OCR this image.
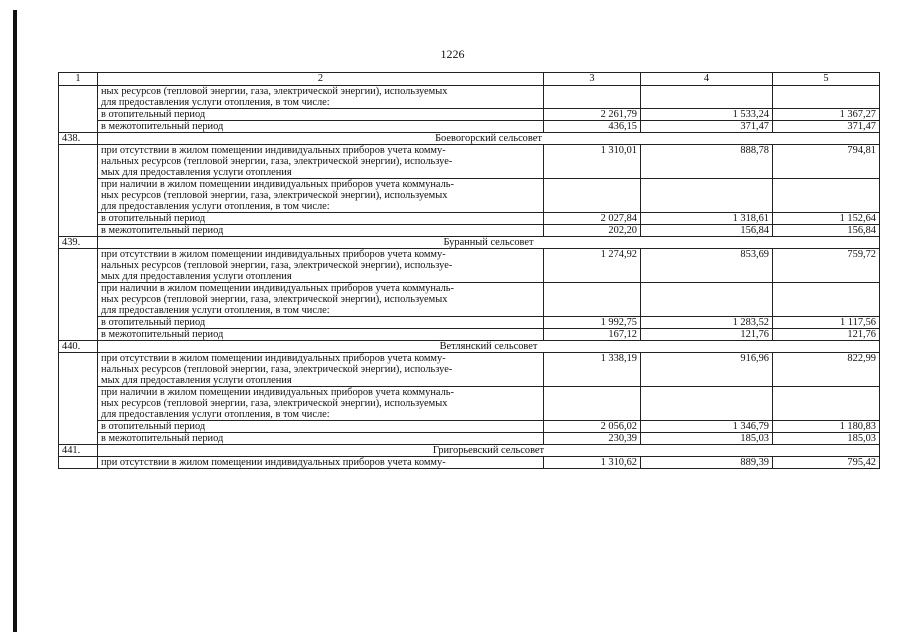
1226
1	2	3	4	5

	ных ресурсов (тепловой энергии, газа, электрической энергии), используемых
для предоставления услуги отопления, в том числе:			

	в отопительный период	2 261,79	1 533,24	1 367,27
	в межотопительный период	436,15	371,47	371,47
438.	Боевогорский сельсовет			

	при отсутствии в жилом помещении индивидуальных приборов учета комму-
нальных ресурсов (тепловой энергии, газа, электрической энергии), используе-
мых для предоставления услуги отопления	1 310,01	888,78	794,81

	при наличии в жилом помещении индивидуальных приборов учета коммуналь-
ных ресурсов (тепловой энергии, газа, электрической энергии), используемых
для предоставления услуги отопления, в том числе:			

	в отопительный период	2 027,84	1 318,61	1 152,64
	в межотопительный период	202,20	156,84	156,84
439.	Буранный сельсовет			

	при отсутствии в жилом помещении индивидуальных приборов учета комму-
нальных ресурсов (тепловой энергии, газа, электрической энергии), используе-
мых для предоставления услуги отопления	1 274,92	853,69	759,72

	при наличии в жилом помещении индивидуальных приборов учета коммуналь-
ных ресурсов (тепловой энергии, газа, электрической энергии), используемых
для предоставления услуги отопления, в том числе:			

	в отопительный период	1 992,75	1 283,52	1 117,56
	в межотопительный период	167,12	121,76	121,76
440.	Ветлянский сельсовет			

	при отсутствии в жилом помещении индивидуальных приборов учета комму-
нальных ресурсов (тепловой энергии, газа, электрической энергии), используе-
мых для предоставления услуги отопления	1 338,19	916,96	822,99

	при наличии в жилом помещении индивидуальных приборов учета коммуналь-
ных ресурсов (тепловой энергии, газа, электрической энергии), используемых
для предоставления услуги отопления, в том числе:			

	в отопительный период	2 056,02	1 346,79	1 180,83
	в межотопительный период	230,39	185,03	185,03
441.	Григорьевский сельсовет			

	при отсутствии в жилом помещении индивидуальных приборов учета комму-	1 310,62	889,39	795,42
